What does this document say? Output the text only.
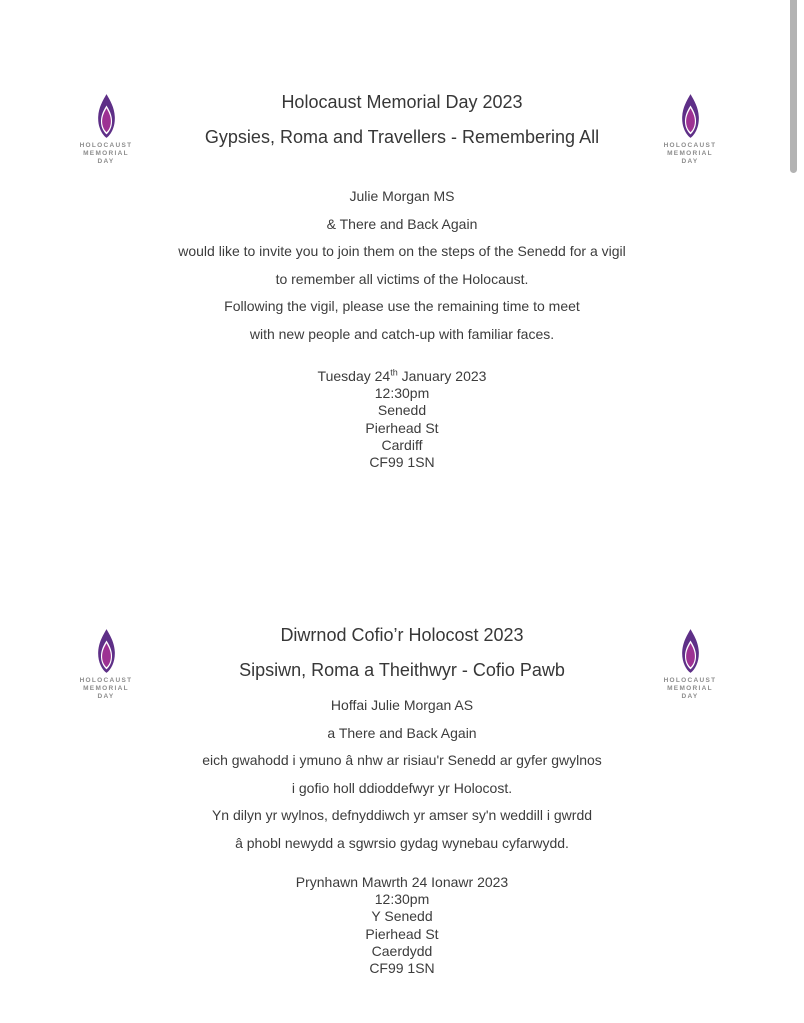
HOLOCAUST
MEMORIAL
DAY
HOLOCAUST
MEMORIAL
DAY
Holocaust Memorial Day 2023
Gypsies, Roma and Travellers - Remembering All
Julie Morgan MS
& There and Back Again
would like to invite you to join them on the steps of the Senedd for a vigil
to remember all victims of the Holocaust.
Following the vigil, please use the remaining time to meet
with new people and catch-up with familiar faces.
Tuesday 24th January 2023
12:30pm
Senedd
Pierhead St
Cardiff
CF99 1SN
HOLOCAUST
MEMORIAL
DAY
HOLOCAUST
MEMORIAL
DAY
Diwrnod Cofio’r Holocost 2023
Sipsiwn, Roma a Theithwyr - Cofio Pawb
Hoffai Julie Morgan AS
a There and Back Again
eich gwahodd i ymuno â nhw ar risiau'r Senedd ar gyfer gwylnos
i gofio holl ddioddefwyr yr Holocost.
Yn dilyn yr wylnos, defnyddiwch yr amser sy'n weddill i gwrdd
â phobl newydd a sgwrsio gydag wynebau cyfarwydd.
Prynhawn Mawrth 24 Ionawr 2023
12:30pm
Y Senedd
Pierhead St
Caerdydd
CF99 1SN
